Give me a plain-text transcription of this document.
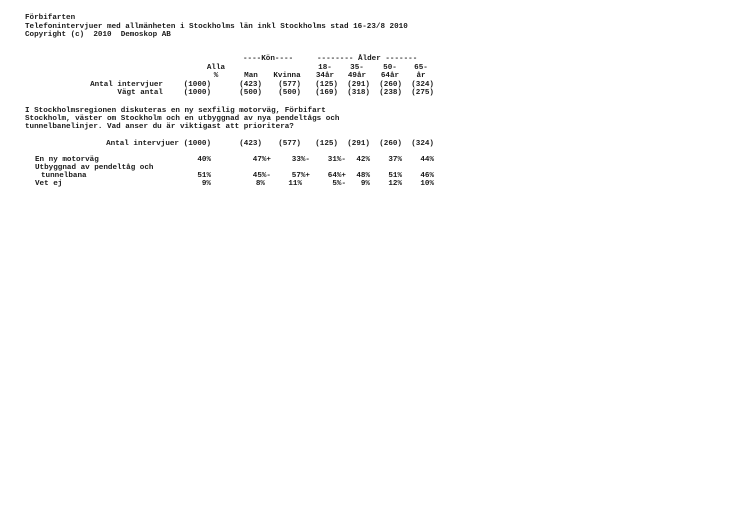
Förbifarten
Telefonintervjuer med allmänheten i Stockholms län inkl Stockholms stad 16-23/8 2010
Copyright (c)  2010  Demoskop AB
----Kön----	-------- Ålder -------
Alla	18-	35-	50-	65-
%	Man	Kvinna	34år	49år	64år	år
Antal intervjuer	(1000)	(423)	(577)	(125)	(291)	(260)	(324)
Vägt antal	(1000)	(500)	(500)	(169)	(318)	(238)	(275)
I Stockholmsregionen diskuteras en ny sexfilig motorväg, Förbifart
Stockholm, väster om Stockholm och en utbyggnad av nya pendeltågs och
tunnelbanelinjer. Vad anser du är viktigast att prioritera?
Antal intervjuer (1000)	(423)	(577)	(125)	(291)	(260)	(324)
En ny motorväg	40%	47%+	33%-	31%-	42%	37%	44%
Utbyggnad av pendeltåg och
tunnelbana	51%	45%-	57%+	64%+	48%	51%	46%
Vet ej	9%	8%	11%	5%-	9%	12%	10%
